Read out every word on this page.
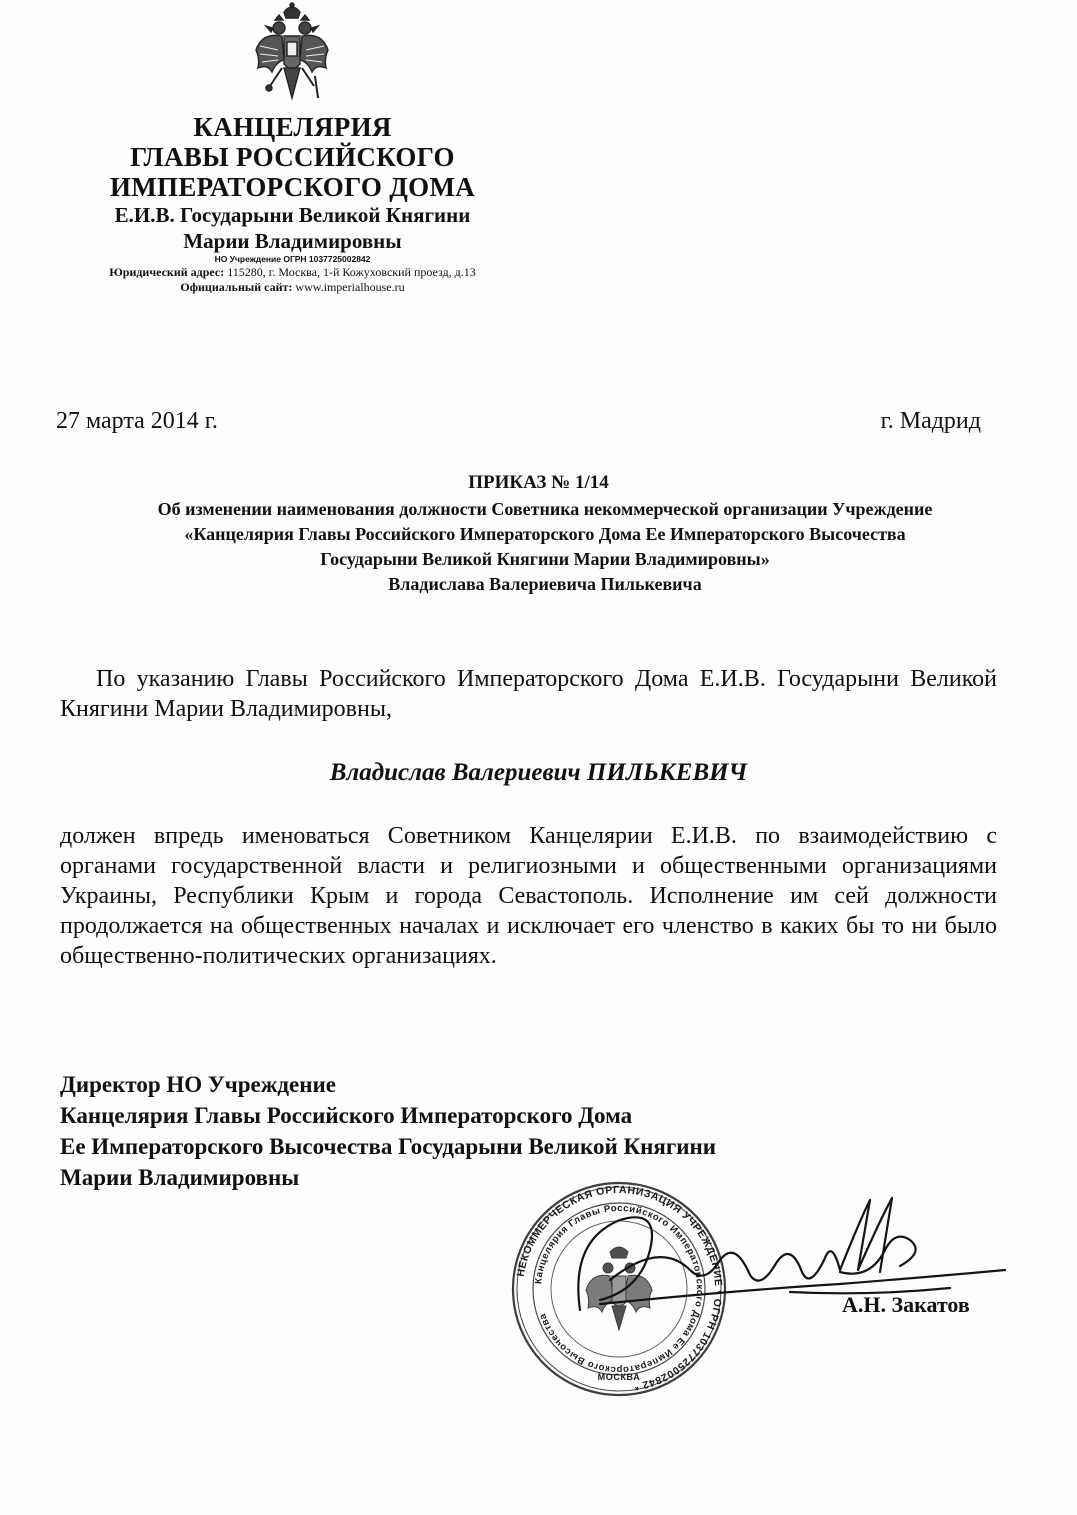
КАНЦЕЛЯРИЯ
ГЛАВЫ РОССИЙСКОГО
ИМПЕРАТОРСКОГО ДОМА
Е.И.В. Государыни Великой Княгини
Марии Владимировны
НО Учреждение ОГРН 1037725002842
Юридический адрес: 115280, г. Москва, 1-й Кожуховский проезд, д.13
Официальный сайт: www.imperialhouse.ru
27 марта 2014 г.	г. Мадрид
ПРИКАЗ № 1/14
Об изменении наименования должности Советника некоммерческой организации Учреждение
«Канцелярия Главы Российского Императорского Дома Ее Императорского Высочества
Государыни Великой Княгини Марии Владимировны»
Владислава Валериевича Пилькевича
По указанию Главы Российского Императорского Дома Е.И.В. Государыни Великой Княгини Марии Владимировны,
Владислав Валериевич ПИЛЬКЕВИЧ
должен впредь именоваться Советником Канцелярии Е.И.В. по взаимодействию с органами государственной власти и религиозными и общественными организациями Украины, Республики Крым и города Севастополь. Исполнение им сей должности продолжается на общественных началах и исключает его членство в каких бы то ни было общественно-политических организациях.
Директор НО Учреждение
Канцелярия Главы Российского Императорского Дома
Ее Императорского Высочества Государыни Великой Княгини
Марии Владимировны
НЕКОММЕРЧЕСКАЯ ОРГАНИЗАЦИЯ УЧРЕЖДЕНИЕ * ОГРН 1037725002842 *
Канцелярия Главы Российского Императорского Дома Ее Императорского Высочества
МОСКВА
А.Н. Закатов
